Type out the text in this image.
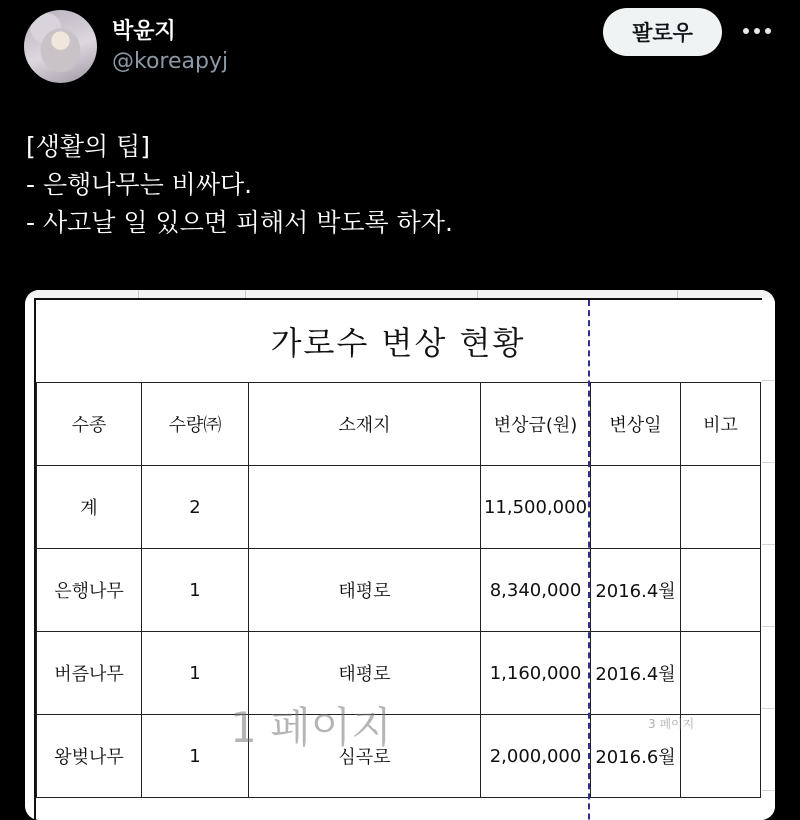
박윤지
@koreapyj
팔로우
[생활의 팁]
- 은행나무는 비싸다.
- 사고날 일 있으면 피해서 박도록 하자.
가로수 변상 현황
수종	수량㈜	소재지	변상금(원)	변상일	비고
계	2		11,500,000		
은행나무	1	태평로	8,340,000	2016.4월	
버즘나무	1	태평로	1,160,000	2016.4월	
왕벚나무	1	심곡로	2,000,000	2016.6월	
1 페이지	3 페이지
